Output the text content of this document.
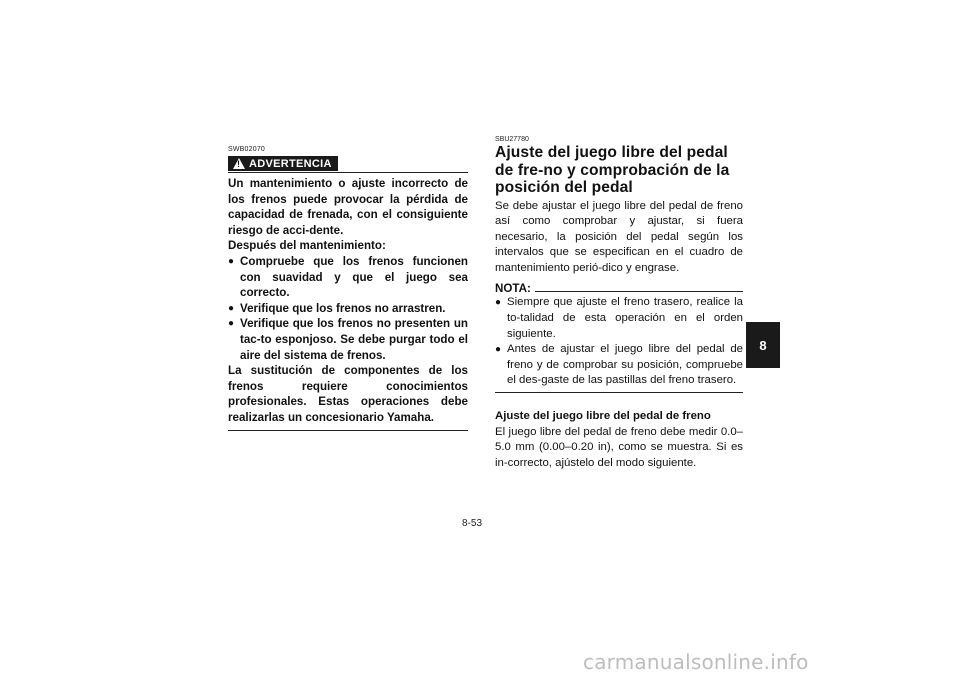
SWB02070
! ADVERTENCIA

Un mantenimiento o ajuste incorrecto de los frenos puede provocar la pérdida de capacidad de frenada, con el consiguiente riesgo de acci-dente.

Después del mantenimiento:

● Compruebe que los frenos funcionen con suavidad y que el juego sea correcto.
● Verifique que los frenos no arrastren.
● Verifique que los frenos no presenten un tac-to esponjoso. Se debe purgar todo el aire del sistema de frenos.

La sustitución de componentes de los frenos requiere conocimientos profesionales. Estas operaciones debe realizarlas un concesionario Yamaha.

SBU27780
Ajuste del juego libre del pedal de fre-no y comprobación de la posición del pedal

Se debe ajustar el juego libre del pedal de freno así como comprobar y ajustar, si fuera necesario, la posición del pedal según los intervalos que se especifican en el cuadro de mantenimiento perió-dico y engrase.

NOTA:
● Siempre que ajuste el freno trasero, realice la to-talidad de esta operación en el orden siguiente.
● Antes de ajustar el juego libre del pedal de freno y de comprobar su posición, compruebe el des-gaste de las pastillas del freno trasero.

Ajuste del juego libre del pedal de freno

El juego libre del pedal de freno debe medir 0.0–5.0 mm (0.00–0.20 in), como se muestra. Si es in-correcto, ajústelo del modo siguiente.

8-53
8
carmanualsonline.info
